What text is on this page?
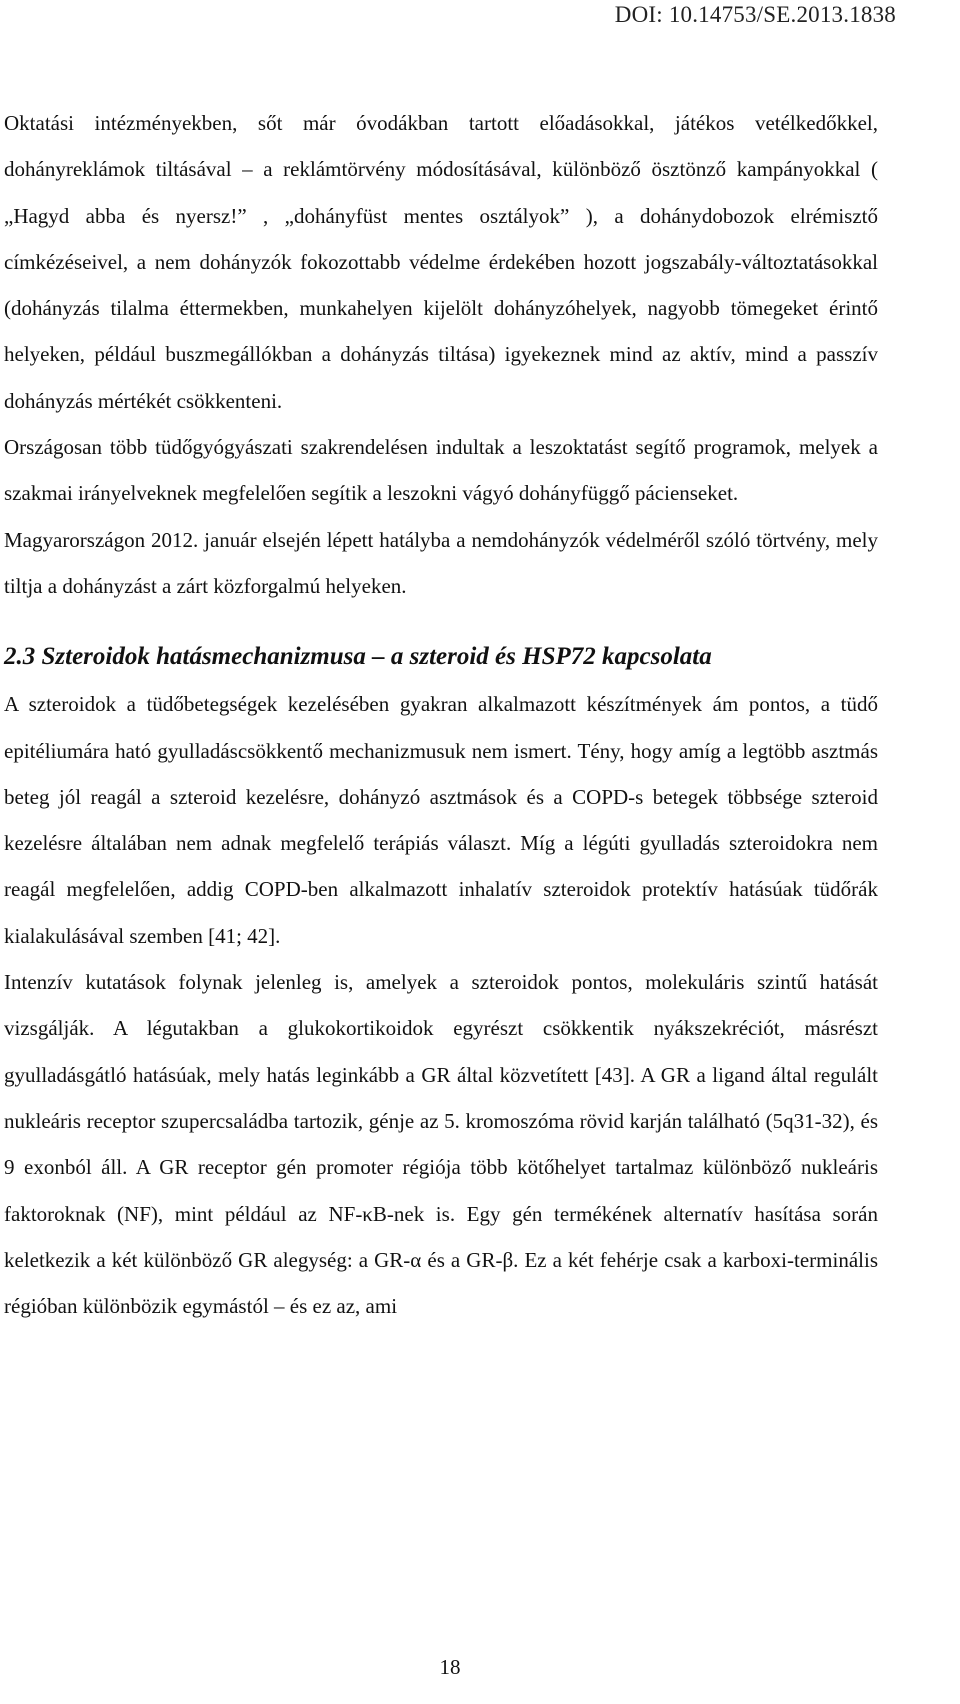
DOI: 10.14753/SE.2013.1838

Oktatási intézményekben, sőt már óvodákban tartott előadásokkal, játékos vetélkedőkkel, dohányreklámok tiltásával – a reklámtörvény módosításával, különböző ösztönző kampányokkal ( „Hagyd abba és nyersz!” , „dohányfüst mentes osztályok” ), a dohánydobozok elrémisztő címkézéseivel, a nem dohányzók fokozottabb védelme érdekében hozott jogszabály-változtatásokkal (dohányzás tilalma éttermekben, munkahelyen kijelölt dohányzóhelyek, nagyobb tömegeket érintő helyeken, például buszmegállókban a dohányzás tiltása) igyekeznek mind az aktív, mind a passzív dohányzás mértékét csökkenteni.

Országosan több tüdőgyógyászati szakrendelésen indultak a leszoktatást segítő programok, melyek a szakmai irányelveknek megfelelően segítik a leszokni vágyó dohányfüggő pácienseket.

Magyarországon 2012. január elsején lépett hatályba a nemdohányzók védelméről szóló törtvény, mely tiltja a dohányzást a zárt közforgalmú helyeken.

2.3 Szteroidok hatásmechanizmusa – a szteroid és HSP72 kapcsolata

A szteroidok a tüdőbetegségek kezelésében gyakran alkalmazott készítmények ám pontos, a tüdő epitéliumára ható gyulladáscsökkentő mechanizmusuk nem ismert. Tény, hogy amíg a legtöbb asztmás beteg jól reagál a szteroid kezelésre, dohányzó asztmások és a COPD-s betegek többsége szteroid kezelésre általában nem adnak megfelelő terápiás választ. Míg a légúti gyulladás szteroidokra nem reagál megfelelően, addig COPD-ben alkalmazott inhalatív szteroidok protektív hatásúak tüdőrák kialakulásával szemben [41; 42].

Intenzív kutatások folynak jelenleg is, amelyek a szteroidok pontos, molekuláris szintű hatását vizsgálják. A légutakban a glukokortikoidok egyrészt csökkentik nyákszekréciót, másrészt gyulladásgátló hatásúak, mely hatás leginkább a GR által közvetített [43]. A GR a ligand által regulált nukleáris receptor szupercsaládba tartozik, génje az 5. kromoszóma rövid karján található (5q31-32), és 9 exonból áll. A GR receptor gén promoter régiója több kötőhelyet tartalmaz különböző nukleáris faktoroknak (NF), mint például az NF-κB-nek is. Egy gén termékének alternatív hasítása során keletkezik a két különböző GR alegység: a GR-α és a GR-β. Ez a két fehérje csak a karboxi-terminális régióban különbözik egymástól – és ez az, ami

18
